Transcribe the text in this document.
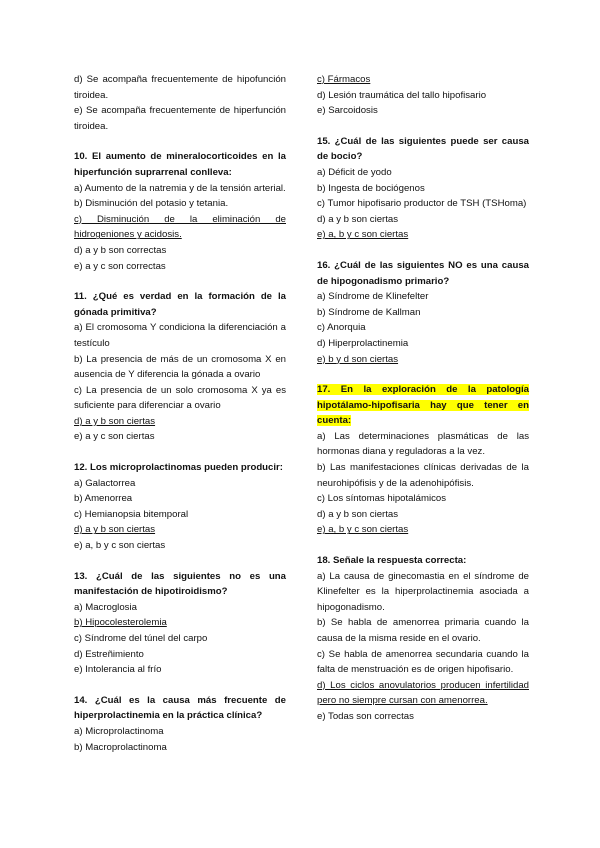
d) Se acompaña frecuentemente de hipofunción tiroidea.
e) Se acompaña frecuentemente de hiperfunción tiroidea.
10. El aumento de mineralocorticoides en la hiperfunción suprarrenal conlleva:
a) Aumento de la natremia y de la tensión arterial.
b) Disminución del potasio y tetania.
c) Disminución de la eliminación de hidrogeniones y acidosis.
d) a y b son correctas
e) a y c son correctas
11. ¿Qué es verdad en la formación de la gónada primitiva?
a) El cromosoma Y condiciona la diferenciación a testículo
b) La presencia de más de un cromosoma X en ausencia de Y diferencia la gónada a ovario
c) La presencia de un solo cromosoma X ya es suficiente para diferenciar a ovario
d) a y b son ciertas
e) a y c son ciertas
12. Los microprolactinomas pueden producir:
a) Galactorrea
b) Amenorrea
c) Hemianopsia bitemporal
d) a y b son ciertas
e) a, b y c son ciertas
13. ¿Cuál de las siguientes no es una manifestación de hipotiroidismo?
a) Macroglosia
b) Hipocolesterolemia
c) Síndrome del túnel del carpo
d) Estreñimiento
e) Intolerancia al frío
14. ¿Cuál es la causa más frecuente de hiperprolactinemia en la práctica clínica?
a) Microprolactinoma
b) Macroprolactinoma
c) Fármacos
d) Lesión traumática del tallo hipofisario
e) Sarcoidosis
15. ¿Cuál de las siguientes puede ser causa de bocio?
a) Déficit de yodo
b) Ingesta de bociógenos
c) Tumor hipofisario productor de TSH (TSHoma)
d) a y b son ciertas
e) a, b y c son ciertas
16. ¿Cuál de las siguientes NO es una causa de hipogonadismo primario?
a) Síndrome de Klinefelter
b) Síndrome de Kallman
c) Anorquia
d) Hiperprolactinemia
e) b y d son ciertas
17. En la exploración de la patología hipotálamo-hipofisaria hay que tener en cuenta:
a) Las determinaciones plasmáticas de las hormonas diana y reguladoras a la vez.
b) Las manifestaciones clínicas derivadas de la neurohipófisis y de la adenohipófisis.
c) Los síntomas hipotalámicos
d) a y b son ciertas
e) a, b y c son ciertas
18. Señale la respuesta correcta:
a) La causa de ginecomastia en el síndrome de Klinefelter es la hiperprolactinemia asociada a hipogonadismo.
b) Se habla de amenorrea primaria cuando la causa de la misma reside en el ovario.
c) Se habla de amenorrea secundaria cuando la falta de menstruación es de origen hipofisario.
d) Los ciclos anovulatorios producen infertilidad pero no siempre cursan con amenorrea.
e) Todas son correctas
